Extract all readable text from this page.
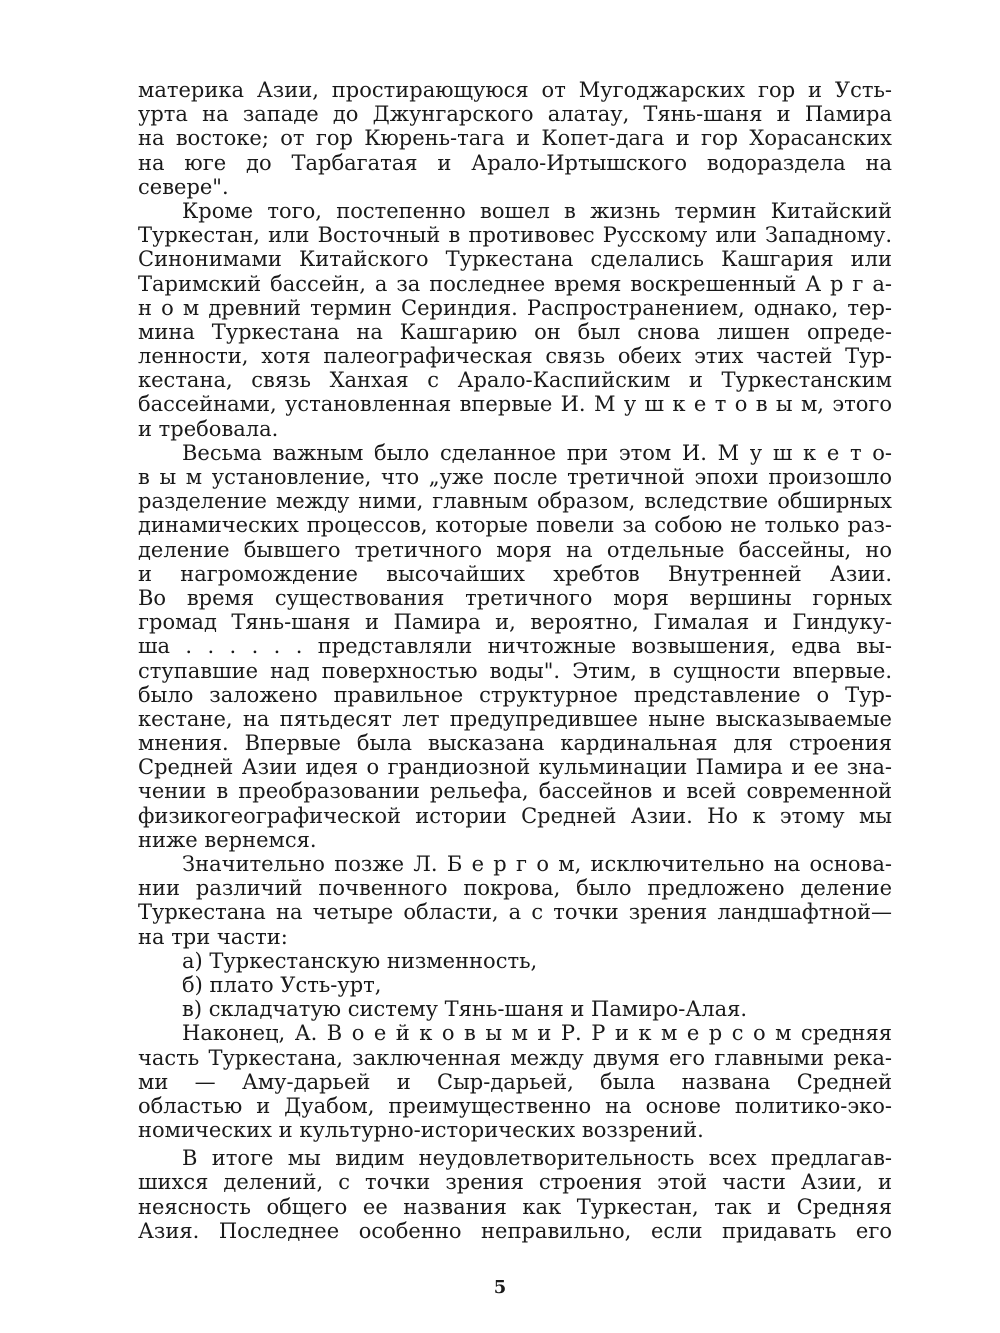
материка Азии, простирающуюся от Мугоджарских гор и Усть-
урта на западе до Джунгарского алатау, Тянь-шаня и Памира
на востоке; от гор Кюрень-тага и Копет-дага и гор Хорасанских
на юге до Тарбагатая и Арало-Иртышского водораздела на
севере".
Кроме того, постепенно вошел в жизнь термин Китайский
Туркестан, или Восточный в противовес Русскому или Западному.
Синонимами Китайского Туркестана сделались Кашгария или
Таримский бассейн, а за последнее время воскрешенный А р г а-
н о м древний термин Сериндия. Распространением, однако, тер-
мина Туркестана на Кашгарию он был снова лишен опреде-
ленности, хотя палеографическая связь обеих этих частей Тур-
кестана, связь Ханхая с Арало-Каспийским и Туркестанским
бассейнами, установленная впервые И. М у ш к е т о в ы м, этого
и требовала.
Весьма важным было сделанное при этом И. М у ш к е т о-
в ы м установление, что „уже после третичной эпохи произошло
разделение между ними, главным образом, вследствие обширных
динамических процессов, которые повели за собою не только раз-
деление бывшего третичного моря на отдельные бассейны, но
и нагромождение высочайших хребтов Внутренней Азии.
Во время существования третичного моря вершины горных
громад Тянь-шаня и Памира и, вероятно, Гималая и Гиндуку-
ша . . . . . . представляли ничтожные возвышения, едва вы-
ступавшие над поверхностью воды". Этим, в сущности впервые.
было заложено правильное структурное представление о Тур-
кестане, на пятьдесят лет предупредившее ныне высказываемые
мнения. Впервые была высказана кардинальная для строения
Средней Азии идея о грандиозной кульминации Памира и ее зна-
чении в преобразовании рельефа, бассейнов и всей современной
физикогеографической истории Средней Азии. Но к этому мы
ниже вернемся.
Значительно позже Л. Б е р г о м, исключительно на основа-
нии различий почвенного покрова, было предложено деление
Туркестана на четыре области, а с точки зрения ландшафтной—
на три части:
а) Туркестанскую низменность,
б) плато Усть-урт,
в) складчатую систему Тянь-шаня и Памиро-Алая.
Наконец, А. В о е й к о в ы м и Р. Р и к м е р с о м средняя
часть Туркестана, заключенная между двумя его главными река-
ми — Аму-дарьей и Сыр-дарьей, была названа Средней
областью и Дуабом, преимущественно на основе политико-эко-
номических и культурно-исторических воззрений.
В итоге мы видим неудовлетворительность всех предлагав-
шихся делений, с точки зрения строения этой части Азии, и
неясность общего ее названия как Туркестан, так и Средняя
Азия. Последнее особенно неправильно, если придавать его
5
